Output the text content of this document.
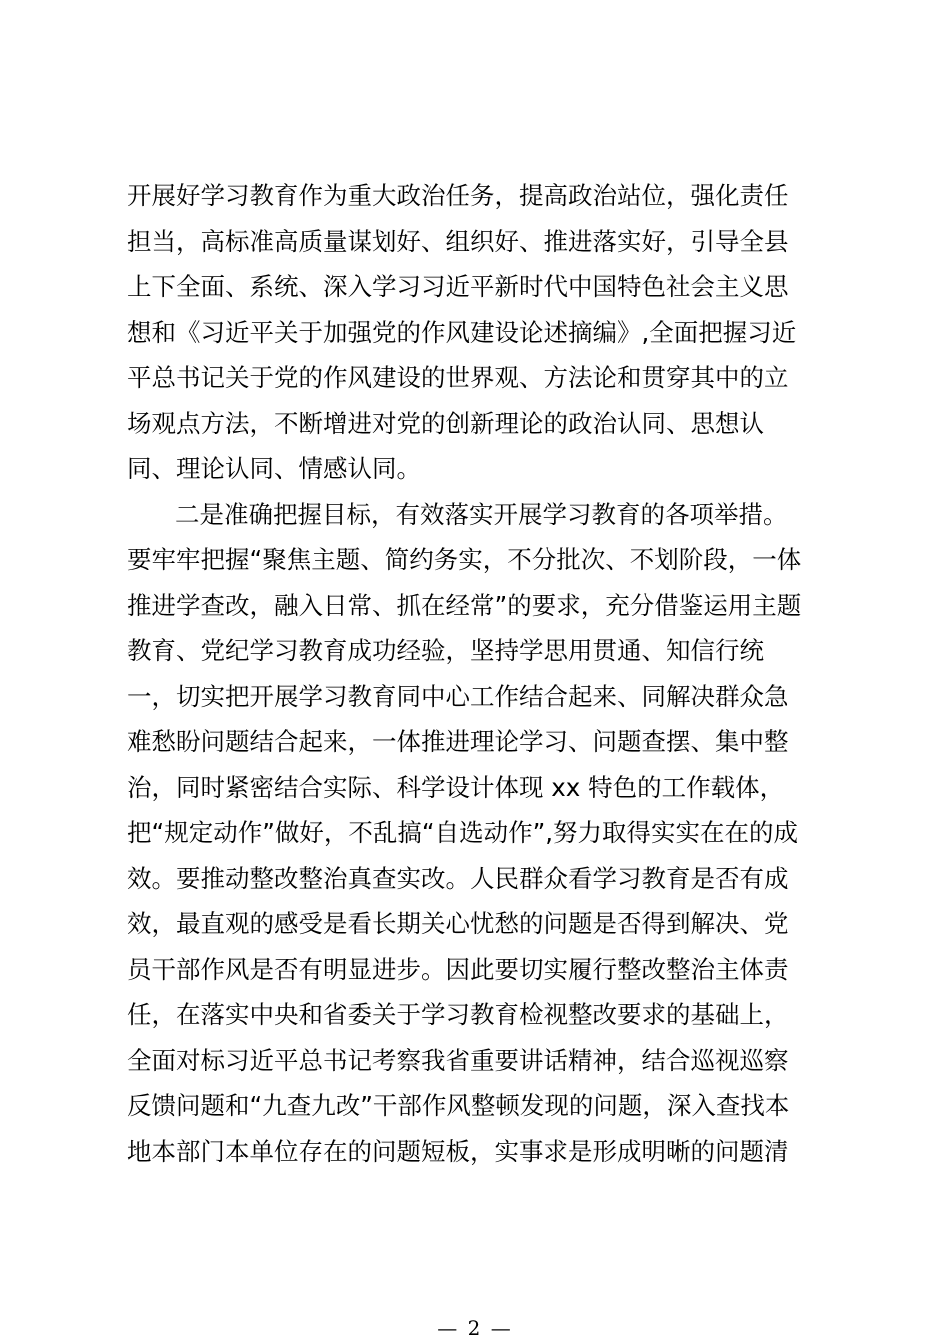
开展好学习教育作为重大政治任务，提高政治站位，强化责任
担当，高标准高质量谋划好、组织好、推进落实好，引导全县
上下全面、系统、深入学习习近平新时代中国特色社会主义思
想和《习近平关于加强党的作风建设论述摘编》,全面把握习近
平总书记关于党的作风建设的世界观、方法论和贯穿其中的立
场观点方法，不断增进对党的创新理论的政治认同、思想认
同、理论认同、情感认同。
二是准确把握目标，有效落实开展学习教育的各项举措。
要牢牢把握“聚焦主题、简约务实，不分批次、不划阶段，一体
推进学查改，融入日常、抓在经常”的要求，充分借鉴运用主题
教育、党纪学习教育成功经验，坚持学思用贯通、知信行统
一，切实把开展学习教育同中心工作结合起来、同解决群众急
难愁盼问题结合起来，一体推进理论学习、问题查摆、集中整
治，同时紧密结合实际、科学设计体现 xx 特色的工作载体，
把“规定动作”做好，不乱搞“自选动作”,努力取得实实在在的成
效。要推动整改整治真查实改。人民群众看学习教育是否有成
效，最直观的感受是看长期关心忧愁的问题是否得到解决、党
员干部作风是否有明显进步。因此要切实履行整改整治主体责
任，在落实中央和省委关于学习教育检视整改要求的基础上，
全面对标习近平总书记考察我省重要讲话精神，结合巡视巡察
反馈问题和“九查九改”干部作风整顿发现的问题，深入查找本
地本部门本单位存在的问题短板，实事求是形成明晰的问题清
— 2 —
